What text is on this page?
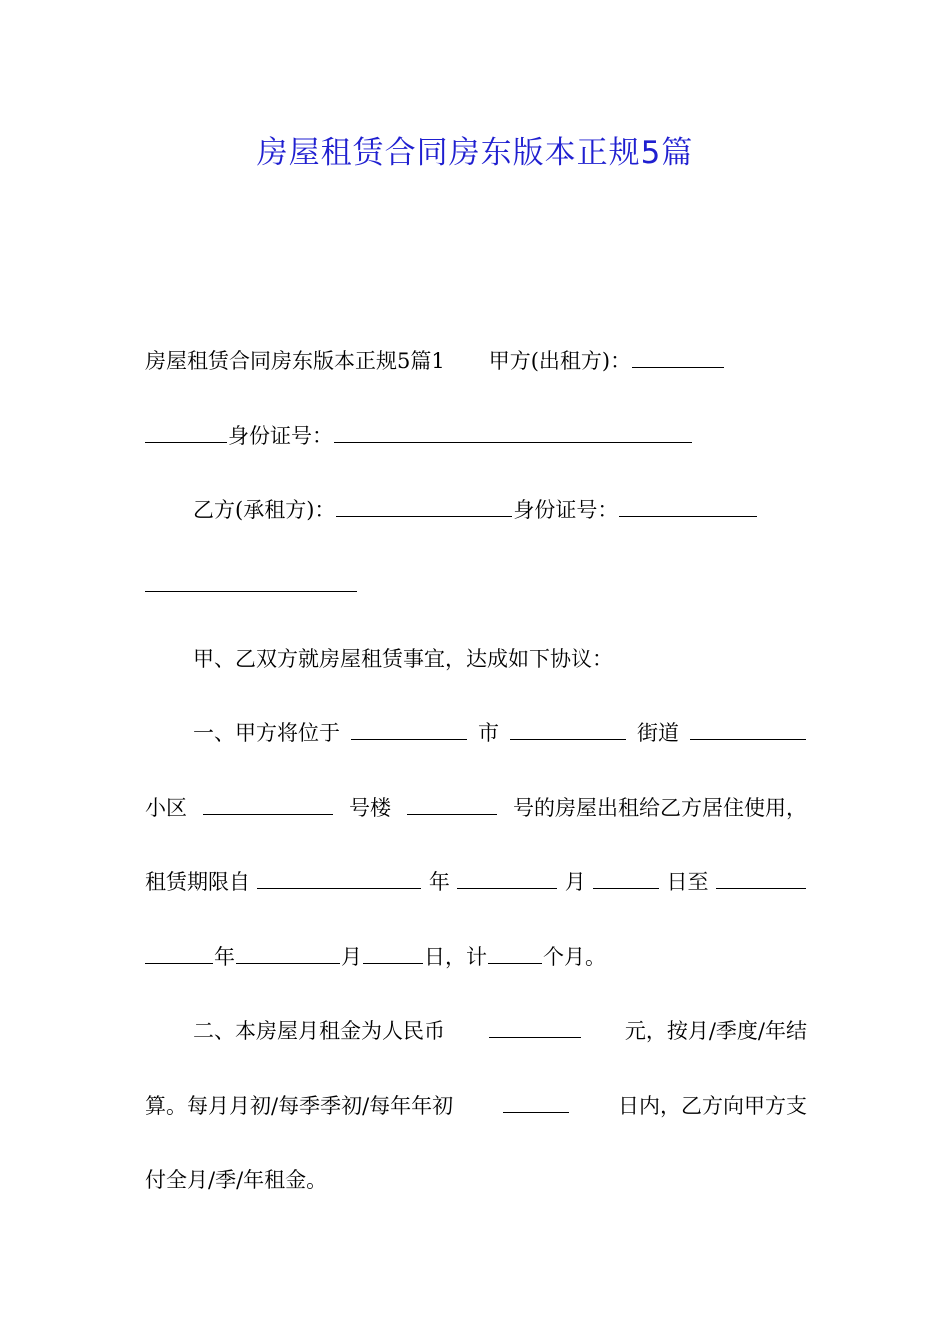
房屋租赁合同房东版本正规5篇
房屋租赁合同房东版本正规5篇1 甲方(出租方)：
身份证号：
乙方(承租方)：	身份证号：
甲、乙双方就房屋租赁事宜，达成如下协议：
一、甲方将位于	市	街道
小区	号楼	号的房屋出租给乙方居住使用，
租赁期限自	年	月	日至
年	月	日，计	个月。
二、本房屋月租金为人民币	元，按月/季度/年结
算。每月月初/每季季初/每年年初	日内，乙方向甲方支
付全月/季/年租金。
